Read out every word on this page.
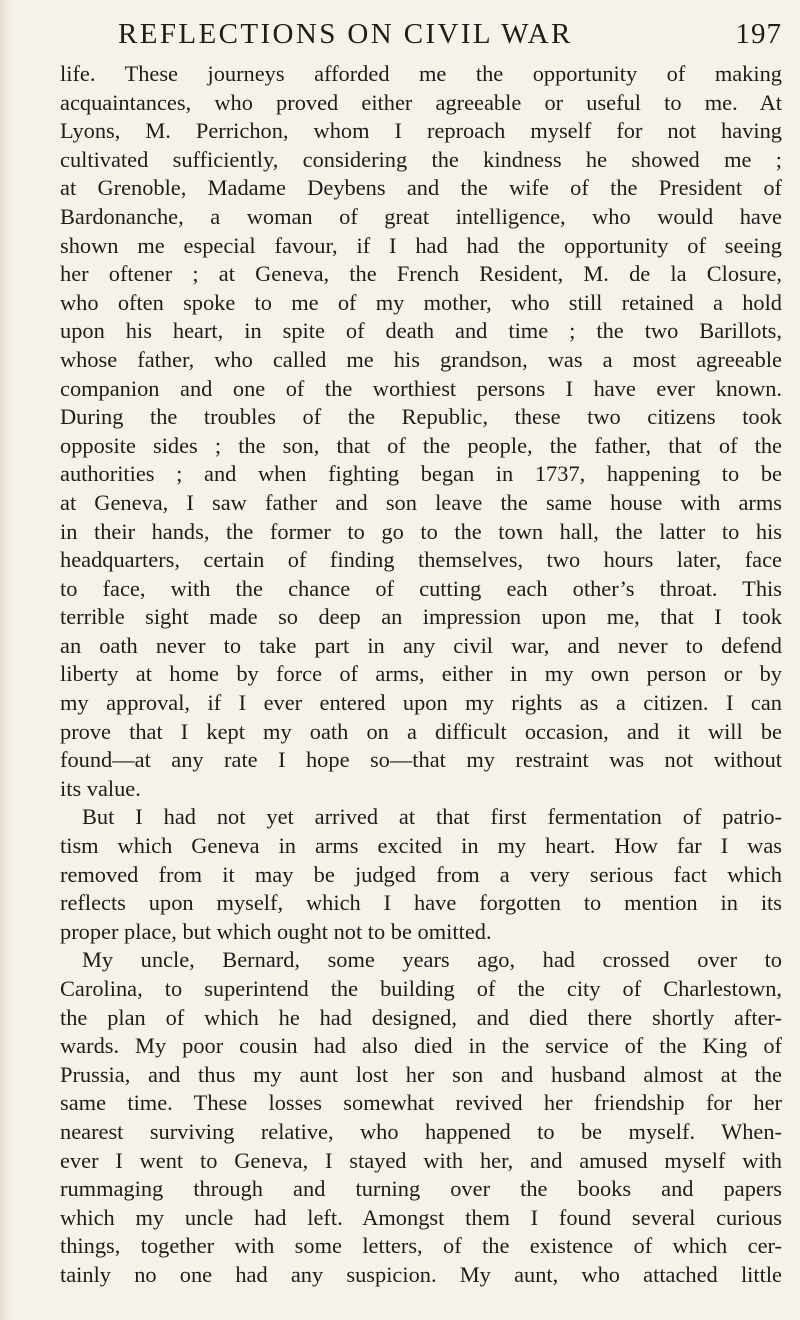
REFLECTIONS ON CIVIL WAR	197
life. These journeys afforded me the opportunity of making
acquaintances, who proved either agreeable or useful to me. At
Lyons, M. Perrichon, whom I reproach myself for not having
cultivated sufficiently, considering the kindness he showed me ;
at Grenoble, Madame Deybens and the wife of the President of
Bardonanche, a woman of great intelligence, who would have
shown me especial favour, if I had had the opportunity of seeing
her oftener ; at Geneva, the French Resident, M. de la Closure,
who often spoke to me of my mother, who still retained a hold
upon his heart, in spite of death and time ; the two Barillots,
whose father, who called me his grandson, was a most agreeable
companion and one of the worthiest persons I have ever known.
During the troubles of the Republic, these two citizens took
opposite sides ; the son, that of the people, the father, that of the
authorities ; and when fighting began in 1737, happening to be
at Geneva, I saw father and son leave the same house with arms
in their hands, the former to go to the town hall, the latter to his
headquarters, certain of finding themselves, two hours later, face
to face, with the chance of cutting each other’s throat. This
terrible sight made so deep an impression upon me, that I took
an oath never to take part in any civil war, and never to defend
liberty at home by force of arms, either in my own person or by
my approval, if I ever entered upon my rights as a citizen. I can
prove that I kept my oath on a difficult occasion, and it will be
found—at any rate I hope so—that my restraint was not without
its value.
But I had not yet arrived at that first fermentation of patrio-
tism which Geneva in arms excited in my heart. How far I was
removed from it may be judged from a very serious fact which
reflects upon myself, which I have forgotten to mention in its
proper place, but which ought not to be omitted.
My uncle, Bernard, some years ago, had crossed over to
Carolina, to superintend the building of the city of Charlestown,
the plan of which he had designed, and died there shortly after-
wards. My poor cousin had also died in the service of the King of
Prussia, and thus my aunt lost her son and husband almost at the
same time. These losses somewhat revived her friendship for her
nearest surviving relative, who happened to be myself. When-
ever I went to Geneva, I stayed with her, and amused myself with
rummaging through and turning over the books and papers
which my uncle had left. Amongst them I found several curious
things, together with some letters, of the existence of which cer-
tainly no one had any suspicion. My aunt, who attached little
